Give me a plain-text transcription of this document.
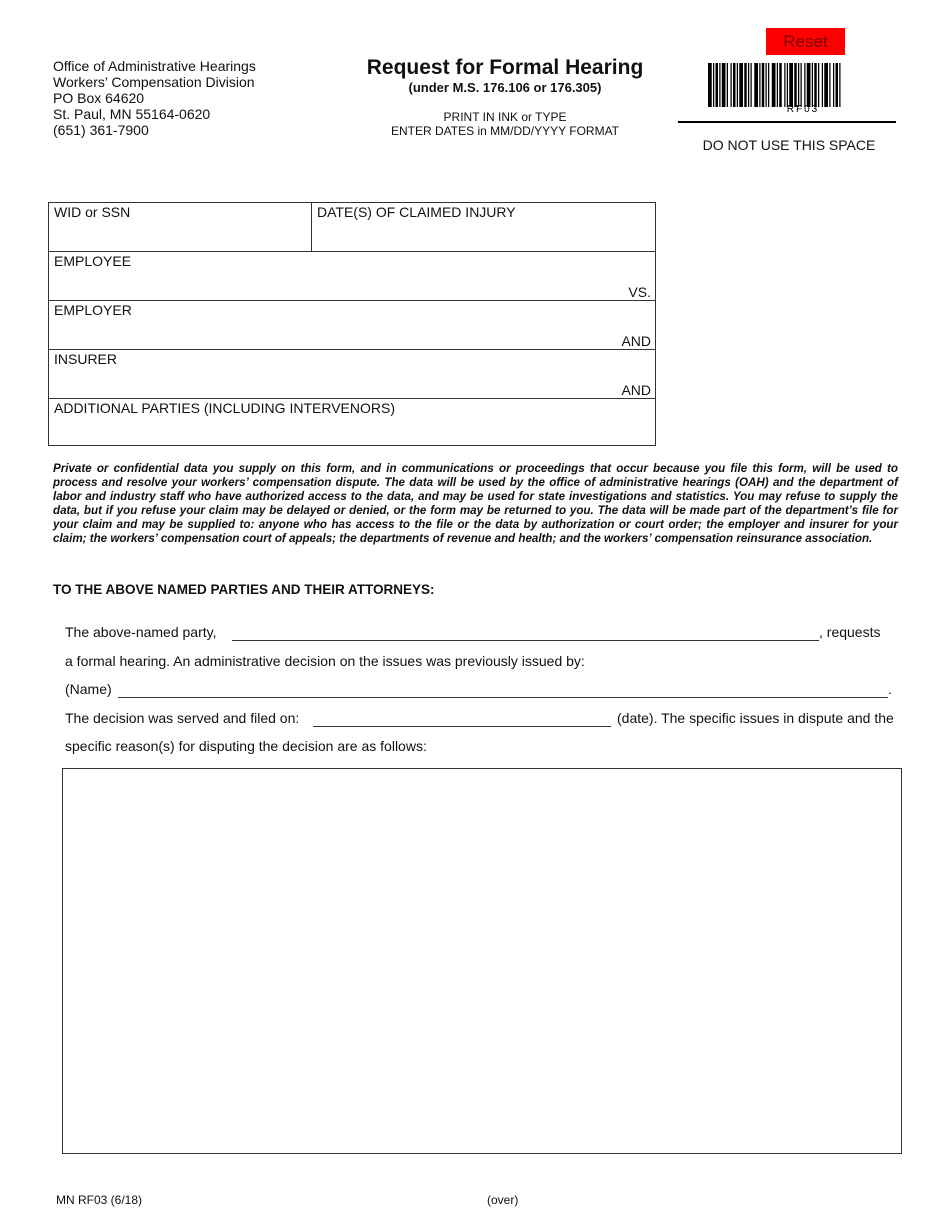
Office of Administrative Hearings
Workers’ Compensation Division
PO Box 64620
St. Paul, MN 55164-0620
(651) 361-7900
Request for Formal Hearing
(under M.S. 176.106 or 176.305)
PRINT IN INK or TYPE
ENTER DATES in MM/DD/YYYY FORMAT
Reset
RF03
DO NOT USE THIS SPACE
WID or SSN	DATE(S) OF CLAIMED INJURY
EMPLOYEE
VS.
EMPLOYER
AND
INSURER
AND
ADDITIONAL PARTIES (INCLUDING INTERVENORS)
Private or confidential data you supply on this form, and in communications or proceedings that occur because you file this form, will be used to process and resolve your workers’ compensation dispute. The data will be used by the office of administrative hearings (OAH) and the department of labor and industry staff who have authorized access to the data, and may be used for state investigations and statistics. You may refuse to supply the data, but if you refuse your claim may be delayed or denied, or the form may be returned to you. The data will be made part of the department’s file for your claim and may be supplied to: anyone who has access to the file or the data by authorization or court order; the employer and insurer for your claim; the workers’ compensation court of appeals; the departments of revenue and health; and the workers’ compensation reinsurance association.
TO THE ABOVE NAMED PARTIES AND THEIR ATTORNEYS:
The above-named party,	, requests
a formal hearing. An administrative decision on the issues was previously issued by:
(Name)	.
The decision was served and filed on:	(date). The specific issues in dispute and the
specific reason(s) for disputing the decision are as follows:
MN RF03 (6/18)	(over)
